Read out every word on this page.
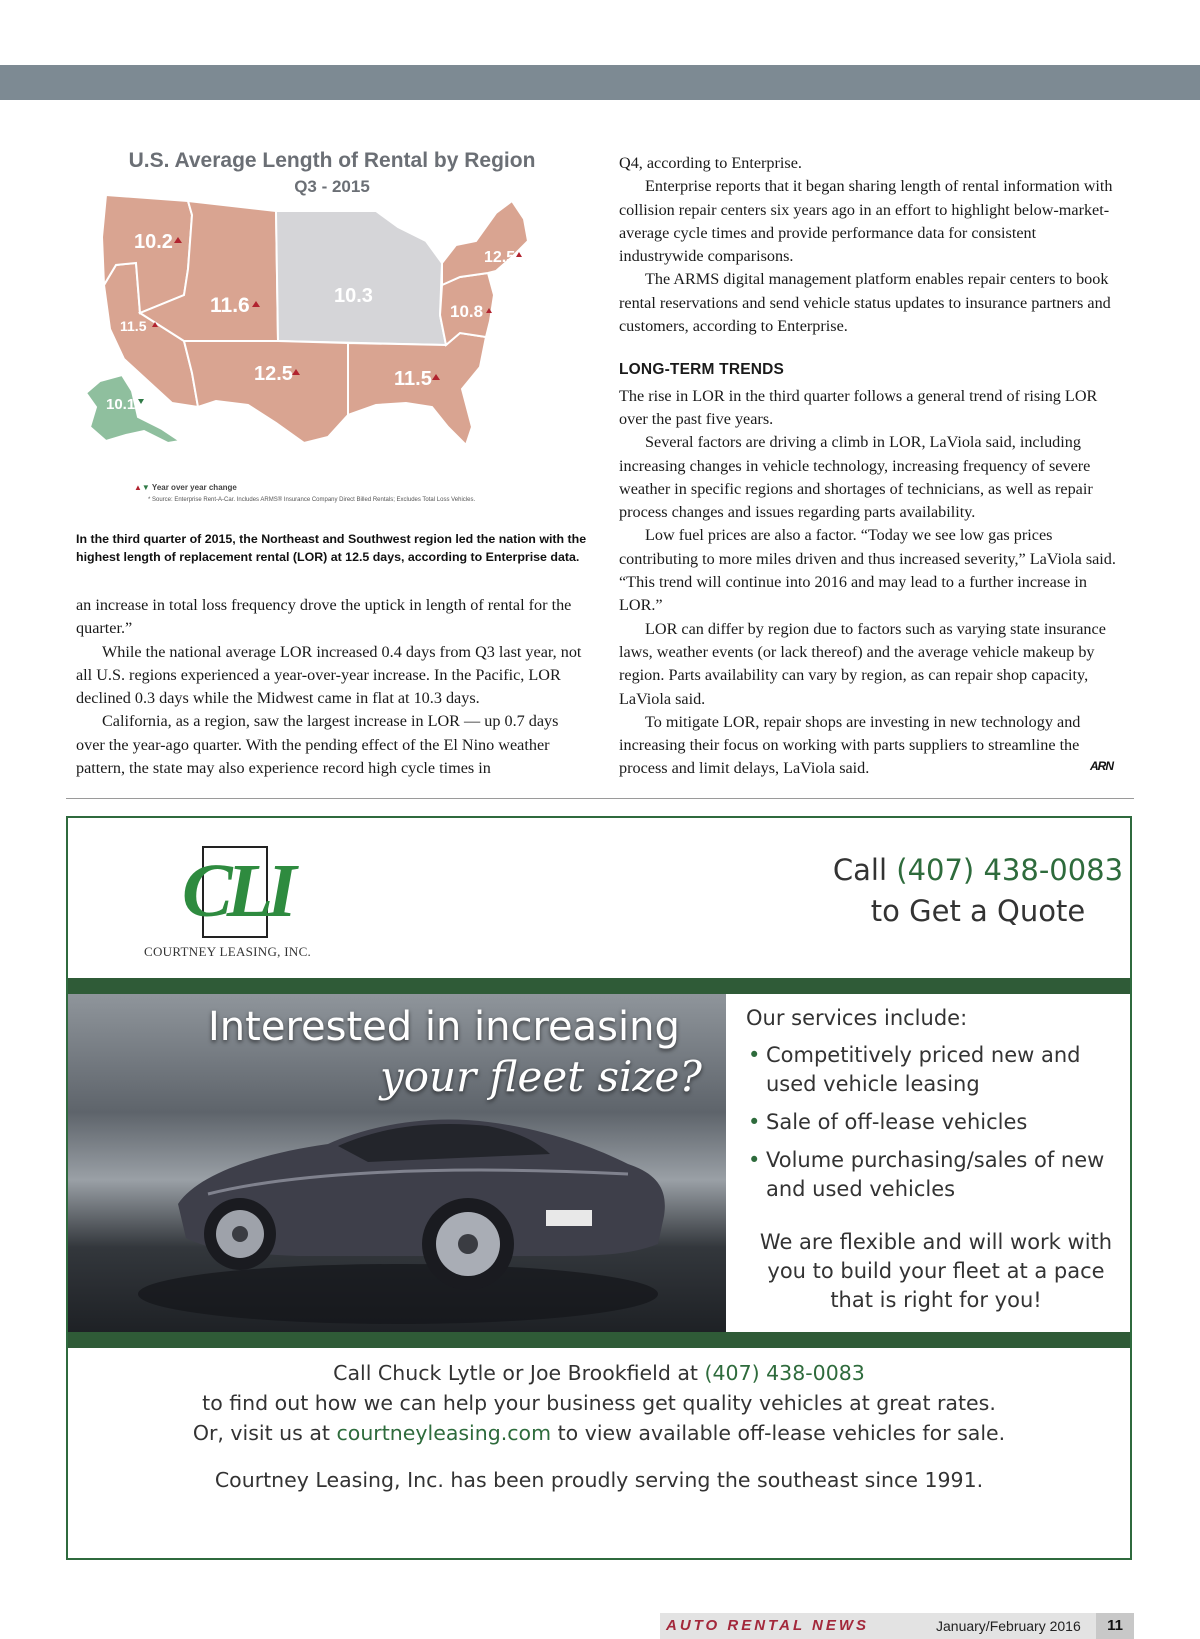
10.2
11.5
11.6	10.3
12.5
10.8
12.5	11.5
10.1
U.S. Average Length of Rental by Region
Q3 - 2015
▲▼ Year over year change
* Source: Enterprise Rent-A-Car. Includes ARMS® Insurance Company Direct Billed Rentals; Excludes Total Loss Vehicles.
In the third quarter of 2015, the Northeast and Southwest region led the nation with the highest length of replacement rental (LOR) at 12.5 days, according to Enterprise data.

an increase in total loss frequency drove the uptick in length of rental for the quarter.”

While the national average LOR increased 0.4 days from Q3 last year, not all U.S. regions experienced a year-over-year increase. In the Pacific, LOR declined 0.3 days while the Midwest came in flat at 10.3 days.

California, as a region, saw the largest increase in LOR — up 0.7 days over the year-ago quarter. With the pending effect of the El Nino weather pattern, the state may also experience record high cycle times in

Q4, according to Enterprise.

Enterprise reports that it began sharing length of rental information with collision repair centers six years ago in an effort to highlight below-market-average cycle times and provide performance data for consistent industrywide comparisons.

The ARMS digital management platform enables repair centers to book rental reservations and send vehicle status updates to insurance partners and customers, according to Enterprise.

LONG-TERM TRENDS

The rise in LOR in the third quarter follows a general trend of rising LOR over the past five years.

Several factors are driving a climb in LOR, LaViola said, including increasing changes in vehicle technology, increasing frequency of severe weather in specific regions and shortages of technicians, as well as repair process changes and issues regarding parts availability.

Low fuel prices are also a factor. “Today we see low gas prices contributing to more miles driven and thus increased severity,” LaViola said. “This trend will continue into 2016 and may lead to a further increase in LOR.”

LOR can differ by region due to factors such as varying state insurance laws, weather events (or lack thereof) and the average vehicle makeup by region. Parts availability can vary by region, as can repair shop capacity, LaViola said.

To mitigate LOR, repair shops are investing in new technology and increasing their focus on working with parts suppliers to streamline the process and limit delays, LaViola said.	ARN
CLI
COURTNEY LEASING, INC.
Call (407) 438-0083
to Get a Quote
Interested in increasing
your fleet size?

Our services include:

• Competitively priced new and used vehicle leasing
• Sale of off-lease vehicles
• Volume purchasing/sales of new and used vehicles
We are flexible and will work with you to build your fleet at a pace that is right for you!

Call Chuck Lytle or Joe Brookfield at (407) 438-0083

to find out how we can help your business get quality vehicles at great rates.

Or, visit us at courtneyleasing.com to view available off-lease vehicles for sale.

Courtney Leasing, Inc. has been proudly serving the southeast since 1991.

AUTO RENTAL NEWS	January/February 2016	11
